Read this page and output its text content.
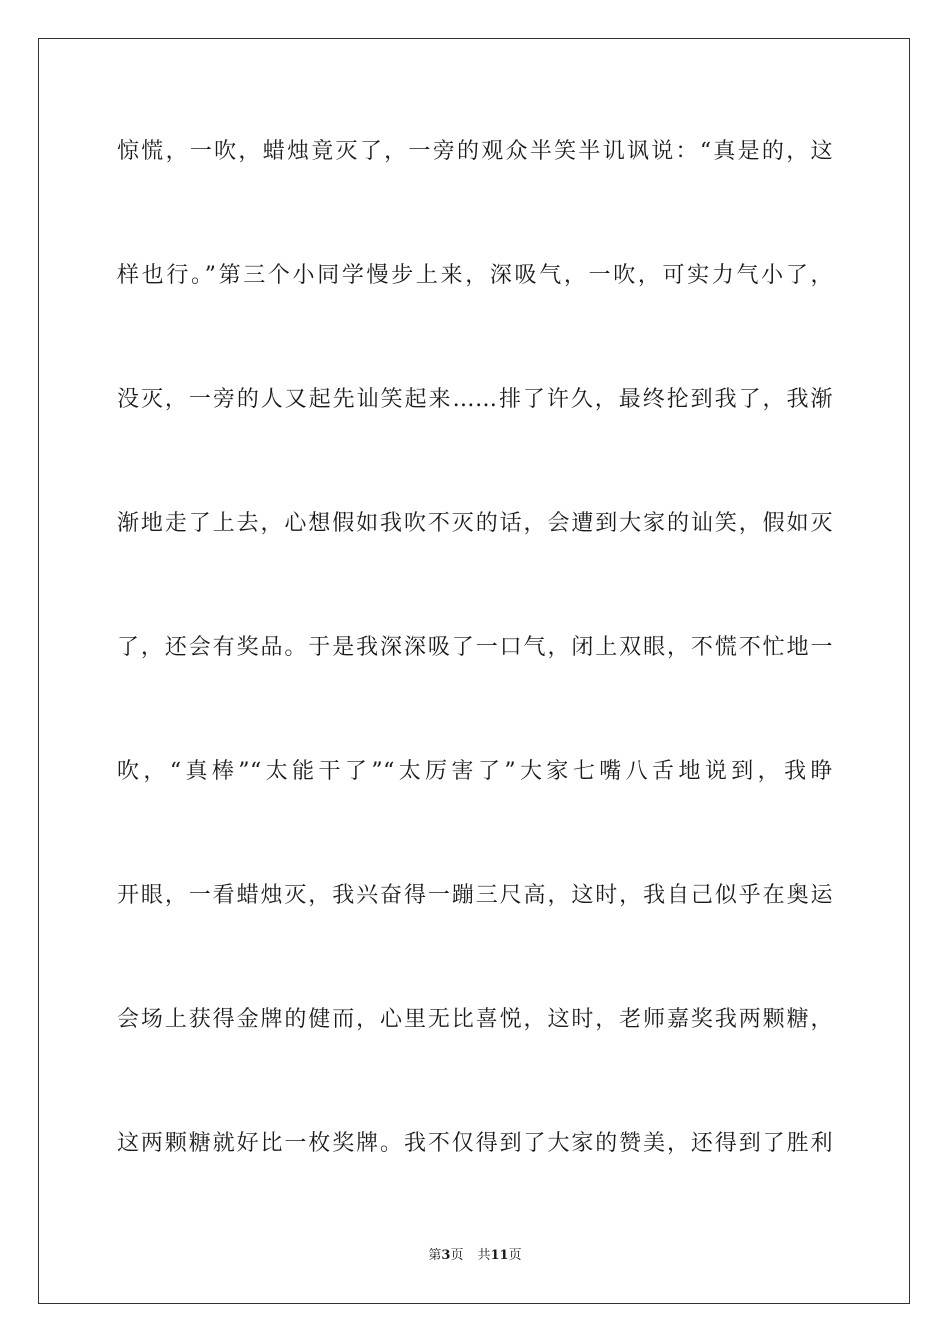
惊慌，一吹，蜡烛竟灭了，一旁的观众半笑半讥讽说：“真是的，这
样也行。”第三个小同学慢步上来，深吸气，一吹，可实力气小了，
没灭，一旁的人又起先讪笑起来……排了许久，最终抡到我了，我渐
渐地走了上去，心想假如我吹不灭的话，会遭到大家的讪笑，假如灭
了，还会有奖品。于是我深深吸了一口气，闭上双眼，不慌不忙地一
吹，“真棒”“太能干了”“太厉害了”大家七嘴八舌地说到，我睁
开眼，一看蜡烛灭，我兴奋得一蹦三尺高，这时，我自己似乎在奥运
会场上获得金牌的健而，心里无比喜悦，这时，老师嘉奖我两颗糖，
这两颗糖就好比一枚奖牌。我不仅得到了大家的赞美，还得到了胜利
第3页 共11页
